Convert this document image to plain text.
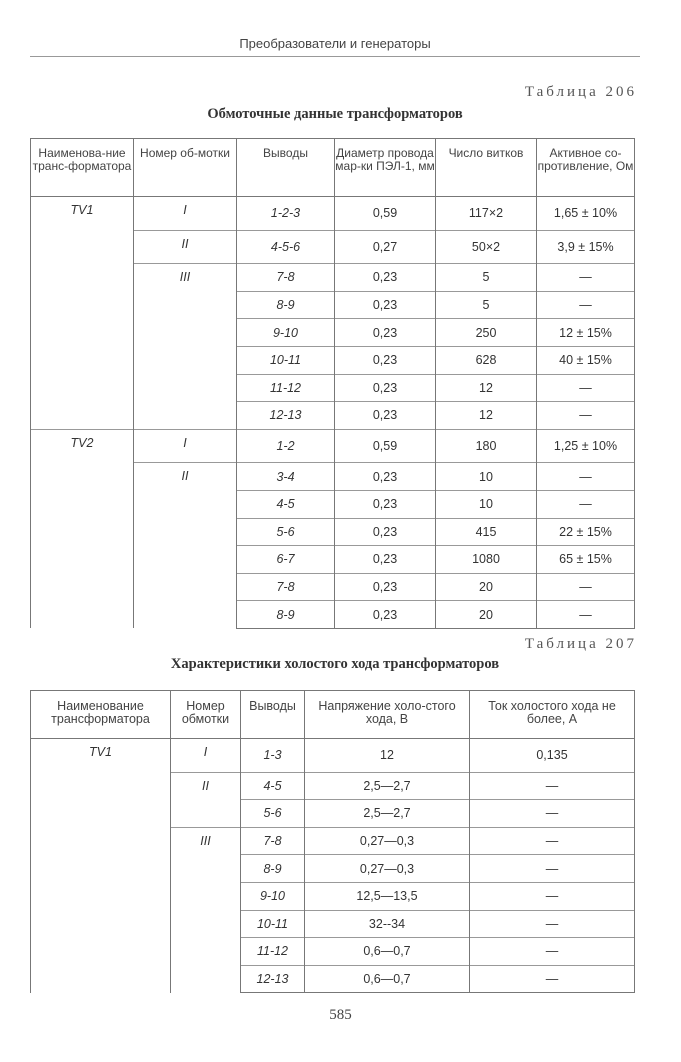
Преобразователи и генераторы
Таблица 206
Обмоточные данные трансформаторов
Наименова-ние транс-форматора	Номер об-мотки	Выводы	Диаметр провода мар-ки ПЭЛ-1, мм	Число витков	Активное со-противление, Ом
TV1	I	1-2-3	0,59	117×2	1,65 ± 10%
	II	4-5-6	0,27	50×2	3,9 ± 15%
	III	7-8	0,23	5	—
		8-9	0,23	5	—
		9-10	0,23	250	12 ± 15%
		10-11	0,23	628	40 ± 15%
		11-12	0,23	12	—
		12-13	0,23	12	—
TV2	I	1-2	0,59	180	1,25 ± 10%
	II	3-4	0,23	10	—
		4-5	0,23	10	—
		5-6	0,23	415	22 ± 15%
		6-7	0,23	1080	65 ± 15%
		7-8	0,23	20	—
		8-9	0,23	20	—
Таблица 207
Характеристики холостого хода трансформаторов
Наименование трансформатора	Номер обмотки	Выводы	Напряжение холо-стого хода, В	Ток холостого хода не более, А
TV1	I	1-3	12	0,135
	II	4-5	2,5—2,7	—
		5-6	2,5—2,7	—
	III	7-8	0,27—0,3	—
		8-9	0,27—0,3	—
		9-10	12,5—13,5	—
		10-11	32--34	—
		11-12	0,6—0,7	—
		12-13	0,6—0,7	—
585
